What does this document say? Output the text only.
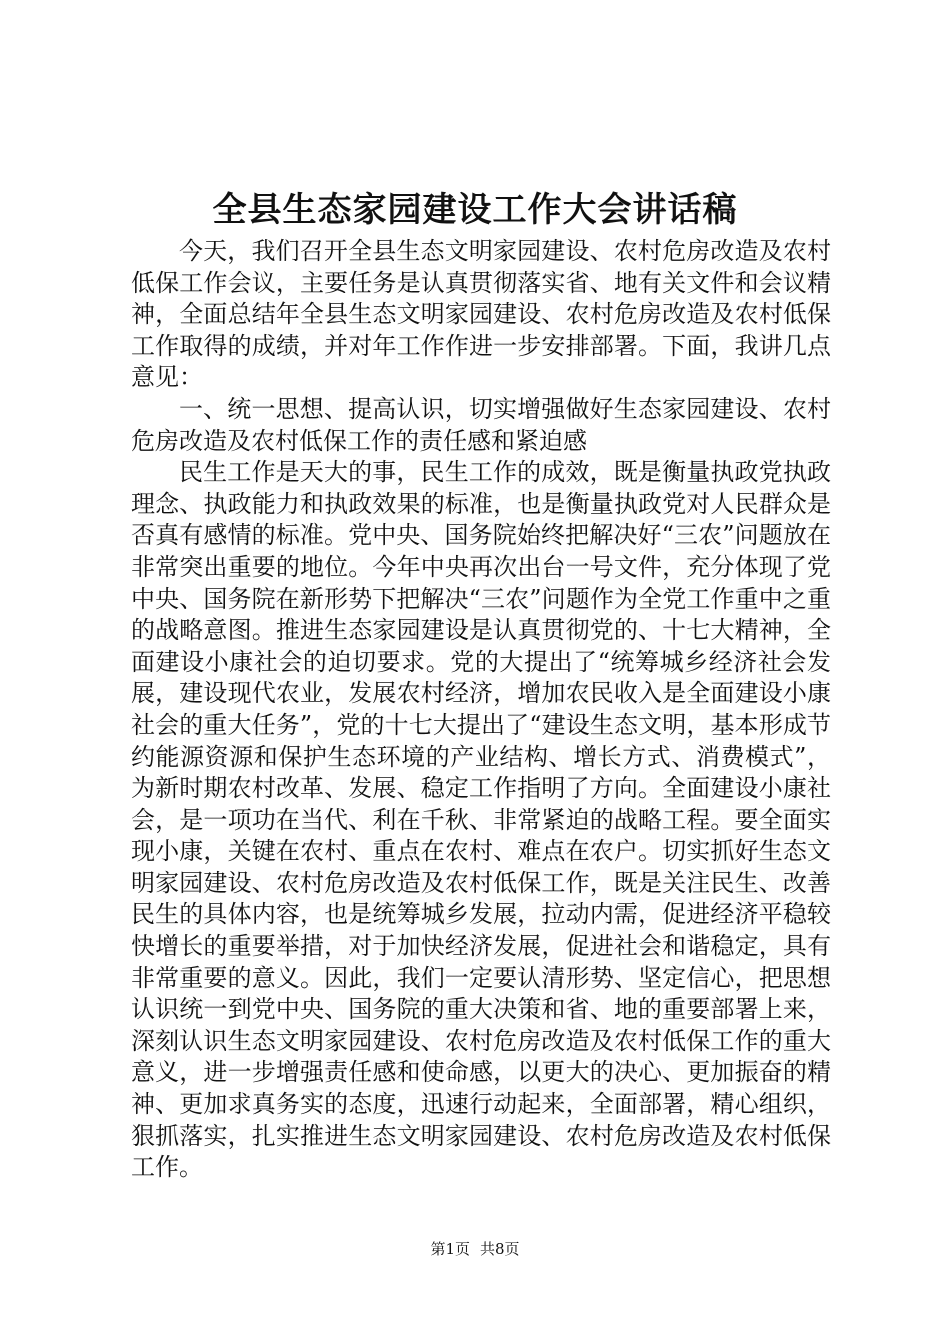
全县生态家园建设工作大会讲话稿

今天，我们召开全县生态文明家园建设、农村危房改造及农村低保工作会议，主要任务是认真贯彻落实省、地有关文件和会议精神，全面总结年全县生态文明家园建设、农村危房改造及农村低保工作取得的成绩，并对年工作作进一步安排部署。下面，我讲几点意见：

一、统一思想、提高认识，切实增强做好生态家园建设、农村危房改造及农村低保工作的责任感和紧迫感

民生工作是天大的事，民生工作的成效，既是衡量执政党执政理念、执政能力和执政效果的标准，也是衡量执政党对人民群众是否真有感情的标准。党中央、国务院始终把解决好“三农”问题放在非常突出重要的地位。今年中央再次出台一号文件，充分体现了党中央、国务院在新形势下把解决“三农”问题作为全党工作重中之重的战略意图。推进生态家园建设是认真贯彻党的、十七大精神，全面建设小康社会的迫切要求。党的大提出了“统筹城乡经济社会发展，建设现代农业，发展农村经济，增加农民收入是全面建设小康社会的重大任务”，党的十七大提出了“建设生态文明，基本形成节约能源资源和保护生态环境的产业结构、增长方式、消费模式”，为新时期农村改革、发展、稳定工作指明了方向。全面建设小康社会，是一项功在当代、利在千秋、非常紧迫的战略工程。要全面实现小康，关键在农村、重点在农村、难点在农户。切实抓好生态文明家园建设、农村危房改造及农村低保工作，既是关注民生、改善民生的具体内容，也是统筹城乡发展，拉动内需，促进经济平稳较快增长的重要举措，对于加快经济发展，促进社会和谐稳定，具有非常重要的意义。因此，我们一定要认清形势、坚定信心，把思想认识统一到党中央、国务院的重大决策和省、地的重要部署上来，深刻认识生态文明家园建设、农村危房改造及农村低保工作的重大意义，进一步增强责任感和使命感，以更大的决心、更加振奋的精神、更加求真务实的态度，迅速行动起来，全面部署，精心组织，狠抓落实，扎实推进生态文明家园建设、农村危房改造及农村低保工作。

第1页 共8页
